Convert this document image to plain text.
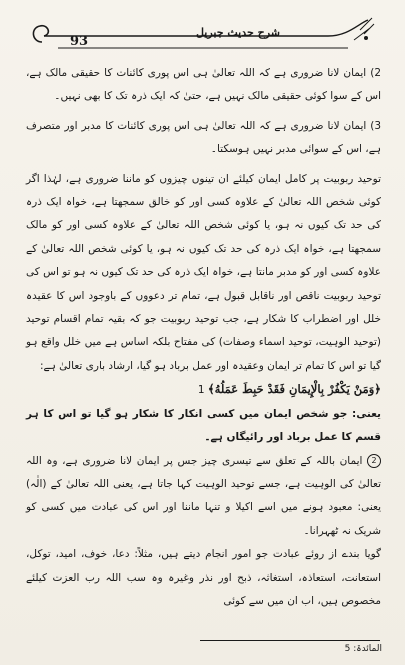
93
شرح حدیث جبریل

2) ایمان لانا ضروری ہے کہ اللہ تعالیٰ ہی اس پوری کائنات کا حقیقی مالک ہے، اس کے سوا کوئی حقیقی مالک نہیں ہے، حتیٰ کہ ایک ذرہ تک کا بھی نہیں۔

3) ایمان لانا ضروری ہے کہ اللہ تعالیٰ ہی اس پوری کائنات کا مدبر اور متصرف ہے، اس کے سوائی مدبر نہیں ہوسکتا۔

توحید ربوبیت پر کامل ایمان کیلئے ان تینوں چیزوں کو ماننا ضروری ہے، لہٰذا اگر کوئی شخص اللہ تعالیٰ کے علاوہ کسی اور کو خالق سمجھتا ہے، خواہ ایک ذرہ کی حد تک کیوں نہ ہو، یا کوئی شخص اللہ تعالیٰ کے علاوہ کسی اور کو مالک سمجھتا ہے، خواہ ایک ذرہ کی حد تک کیوں نہ ہو، یا کوئی شخص اللہ تعالیٰ کے علاوہ کسی اور کو مدبر مانتا ہے، خواہ ایک ذرہ کی حد تک کیوں نہ ہو تو اس کی توحید ربوبیت ناقص اور ناقابل قبول ہے، تمام تر دعووں کے باوجود اس کا عقیدہ خلل اور اضطراب کا شکار ہے، جب توحید ربوبیت جو کہ بقیہ تمام اقسام توحید (توحید الوہیت، توحید اسماء وصفات) کی مفتاح بلکہ اساس ہے میں خلل واقع ہو گیا تو اس کا تمام تر ایمان وعقیدہ اور عمل برباد ہو گیا، ارشاد باری تعالیٰ ہے:

﴿وَمَنْ يَكْفُرْ بِالْإِيمَانِ فَقَدْ حَبِطَ عَمَلُهُ﴾ 1

یعنی: جو شخص ایمان میں کسی انکار کا شکار ہو گیا تو اس کا ہر قسم کا عمل برباد اور رائیگاں ہے۔

2 ایمان باللہ کے تعلق سے تیسری چیز جس پر ایمان لانا ضروری ہے، وہ اللہ تعالیٰ کی الوہیت ہے، جسے توحید الوہیت کہا جاتا ہے، یعنی اللہ تعالیٰ کے (الٰہ) یعنی: معبود ہونے میں اسے اکیلا و تنہا ماننا اور اس کی عبادت میں کسی کو شریک نہ ٹھہرانا۔

گویا بندے از روئے عبادت جو امور انجام دیتے ہیں، مثلاً: دعا، خوف، امید، توکل، استعانت، استعاذہ، استغاثہ، ذبح اور نذر وغیرہ وہ سب اللہ رب العزت کیلئے مخصوص ہیں، اب ان میں سے کوئی

المائدۃ: 5
